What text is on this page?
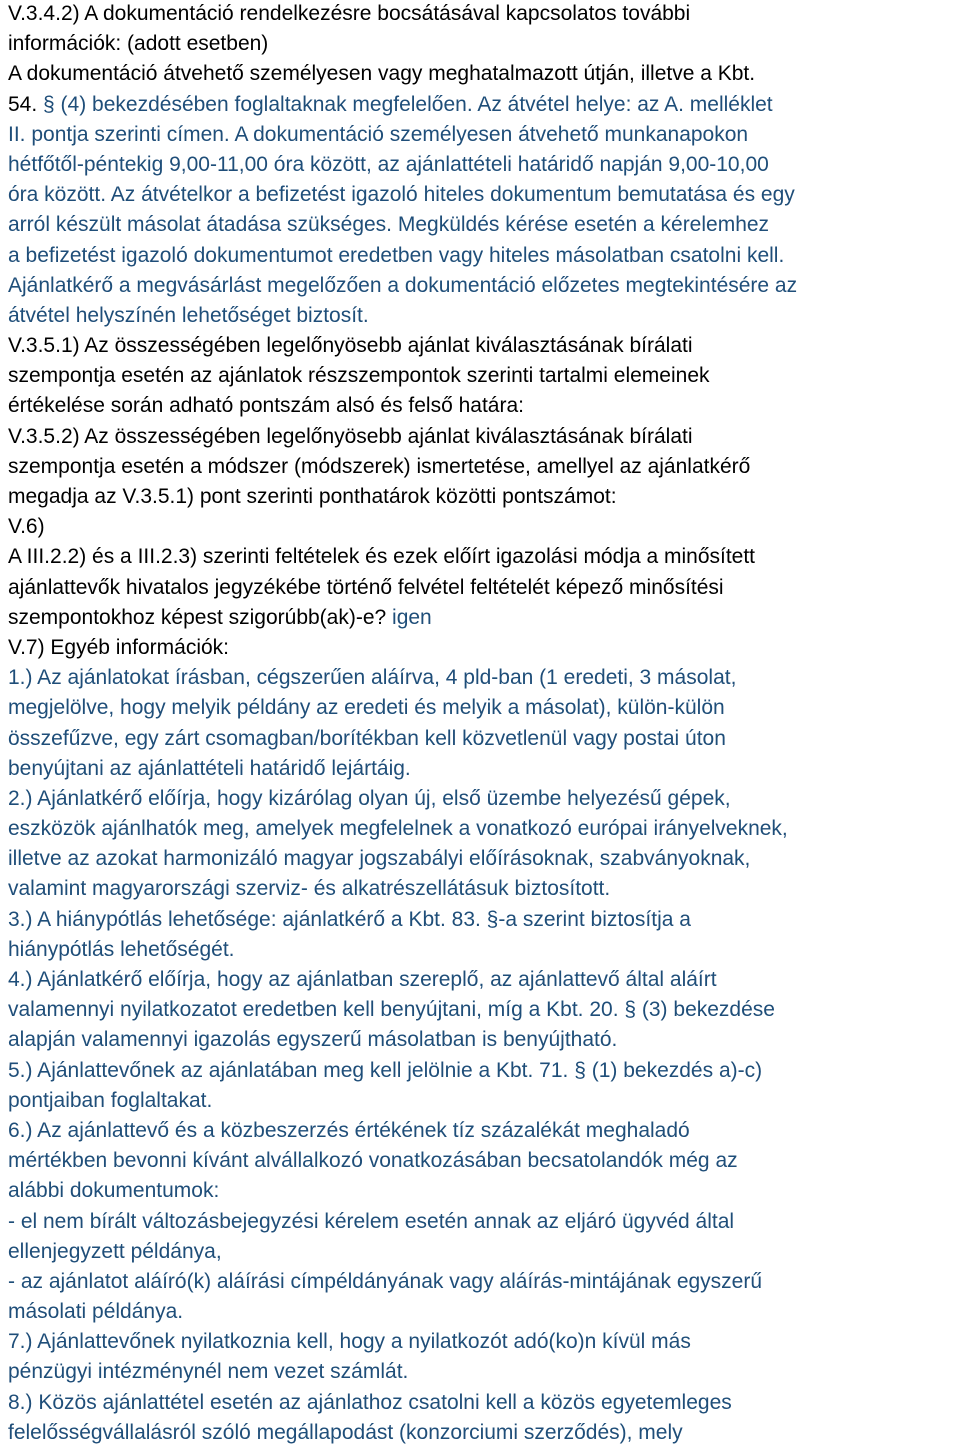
V.3.4.2) A dokumentáció rendelkezésre bocsátásával kapcsolatos további
információk: (adott esetben)
A dokumentáció átvehető személyesen vagy meghatalmazott útján, illetve a Kbt.
54. § (4) bekezdésében foglaltaknak megfelelően. Az átvétel helye: az A. melléklet
II. pontja szerinti címen. A dokumentáció személyesen átvehető munkanapokon
hétfőtől-péntekig 9,00-11,00 óra között, az ajánlattételi határidő napján 9,00-10,00
óra között. Az átvételkor a befizetést igazoló hiteles dokumentum bemutatása és egy
arról készült másolat átadása szükséges. Megküldés kérése esetén a kérelemhez
a befizetést igazoló dokumentumot eredetben vagy hiteles másolatban csatolni kell.
Ajánlatkérő a megvásárlást megelőzően a dokumentáció előzetes megtekintésére az
átvétel helyszínén lehetőséget biztosít.
V.3.5.1) Az összességében legelőnyösebb ajánlat kiválasztásának bírálati
szempontja esetén az ajánlatok részszempontok szerinti tartalmi elemeinek
értékelése során adható pontszám alsó és felső határa:
V.3.5.2) Az összességében legelőnyösebb ajánlat kiválasztásának bírálati
szempontja esetén a módszer (módszerek) ismertetése, amellyel az ajánlatkérő
megadja az V.3.5.1) pont szerinti ponthatárok közötti pontszámot:
V.6)
A III.2.2) és a III.2.3) szerinti feltételek és ezek előírt igazolási módja a minősített
ajánlattevők hivatalos jegyzékébe történő felvétel feltételét képező minősítési
szempontokhoz képest szigorúbb(ak)-e? igen
V.7) Egyéb információk:
1.) Az ajánlatokat írásban, cégszerűen aláírva, 4 pld-ban (1 eredeti, 3 másolat,
megjelölve, hogy melyik példány az eredeti és melyik a másolat), külön-külön
összefűzve, egy zárt csomagban/borítékban kell közvetlenül vagy postai úton
benyújtani az ajánlattételi határidő lejártáig.
2.) Ajánlatkérő előírja, hogy kizárólag olyan új, első üzembe helyezésű gépek,
eszközök ajánlhatók meg, amelyek megfelelnek a vonatkozó európai irányelveknek,
illetve az azokat harmonizáló magyar jogszabályi előírásoknak, szabványoknak,
valamint magyarországi szerviz- és alkatrészellátásuk biztosított.
3.) A hiánypótlás lehetősége: ajánlatkérő a Kbt. 83. §-a szerint biztosítja a
hiánypótlás lehetőségét.
4.) Ajánlatkérő előírja, hogy az ajánlatban szereplő, az ajánlattevő által aláírt
valamennyi nyilatkozatot eredetben kell benyújtani, míg a Kbt. 20. § (3) bekezdése
alapján valamennyi igazolás egyszerű másolatban is benyújtható.
5.) Ajánlattevőnek az ajánlatában meg kell jelölnie a Kbt. 71. § (1) bekezdés a)-c)
pontjaiban foglaltakat.
6.) Az ajánlattevő és a közbeszerzés értékének tíz százalékát meghaladó
mértékben bevonni kívánt alvállalkozó vonatkozásában becsatolandók még az
alábbi dokumentumok:
- el nem bírált változásbejegyzési kérelem esetén annak az eljáró ügyvéd által
ellenjegyzett példánya,
- az ajánlatot aláíró(k) aláírási címpéldányának vagy aláírás-mintájának egyszerű
másolati példánya.
7.) Ajánlattevőnek nyilatkoznia kell, hogy a nyilatkozót adó(ko)n kívül más
pénzügyi intézménynél nem vezet számlát.
8.) Közös ajánlattétel esetén az ajánlathoz csatolni kell a közös egyetemleges
felelősségvállalásról szóló megállapodást (konzorciumi szerződés), mely
